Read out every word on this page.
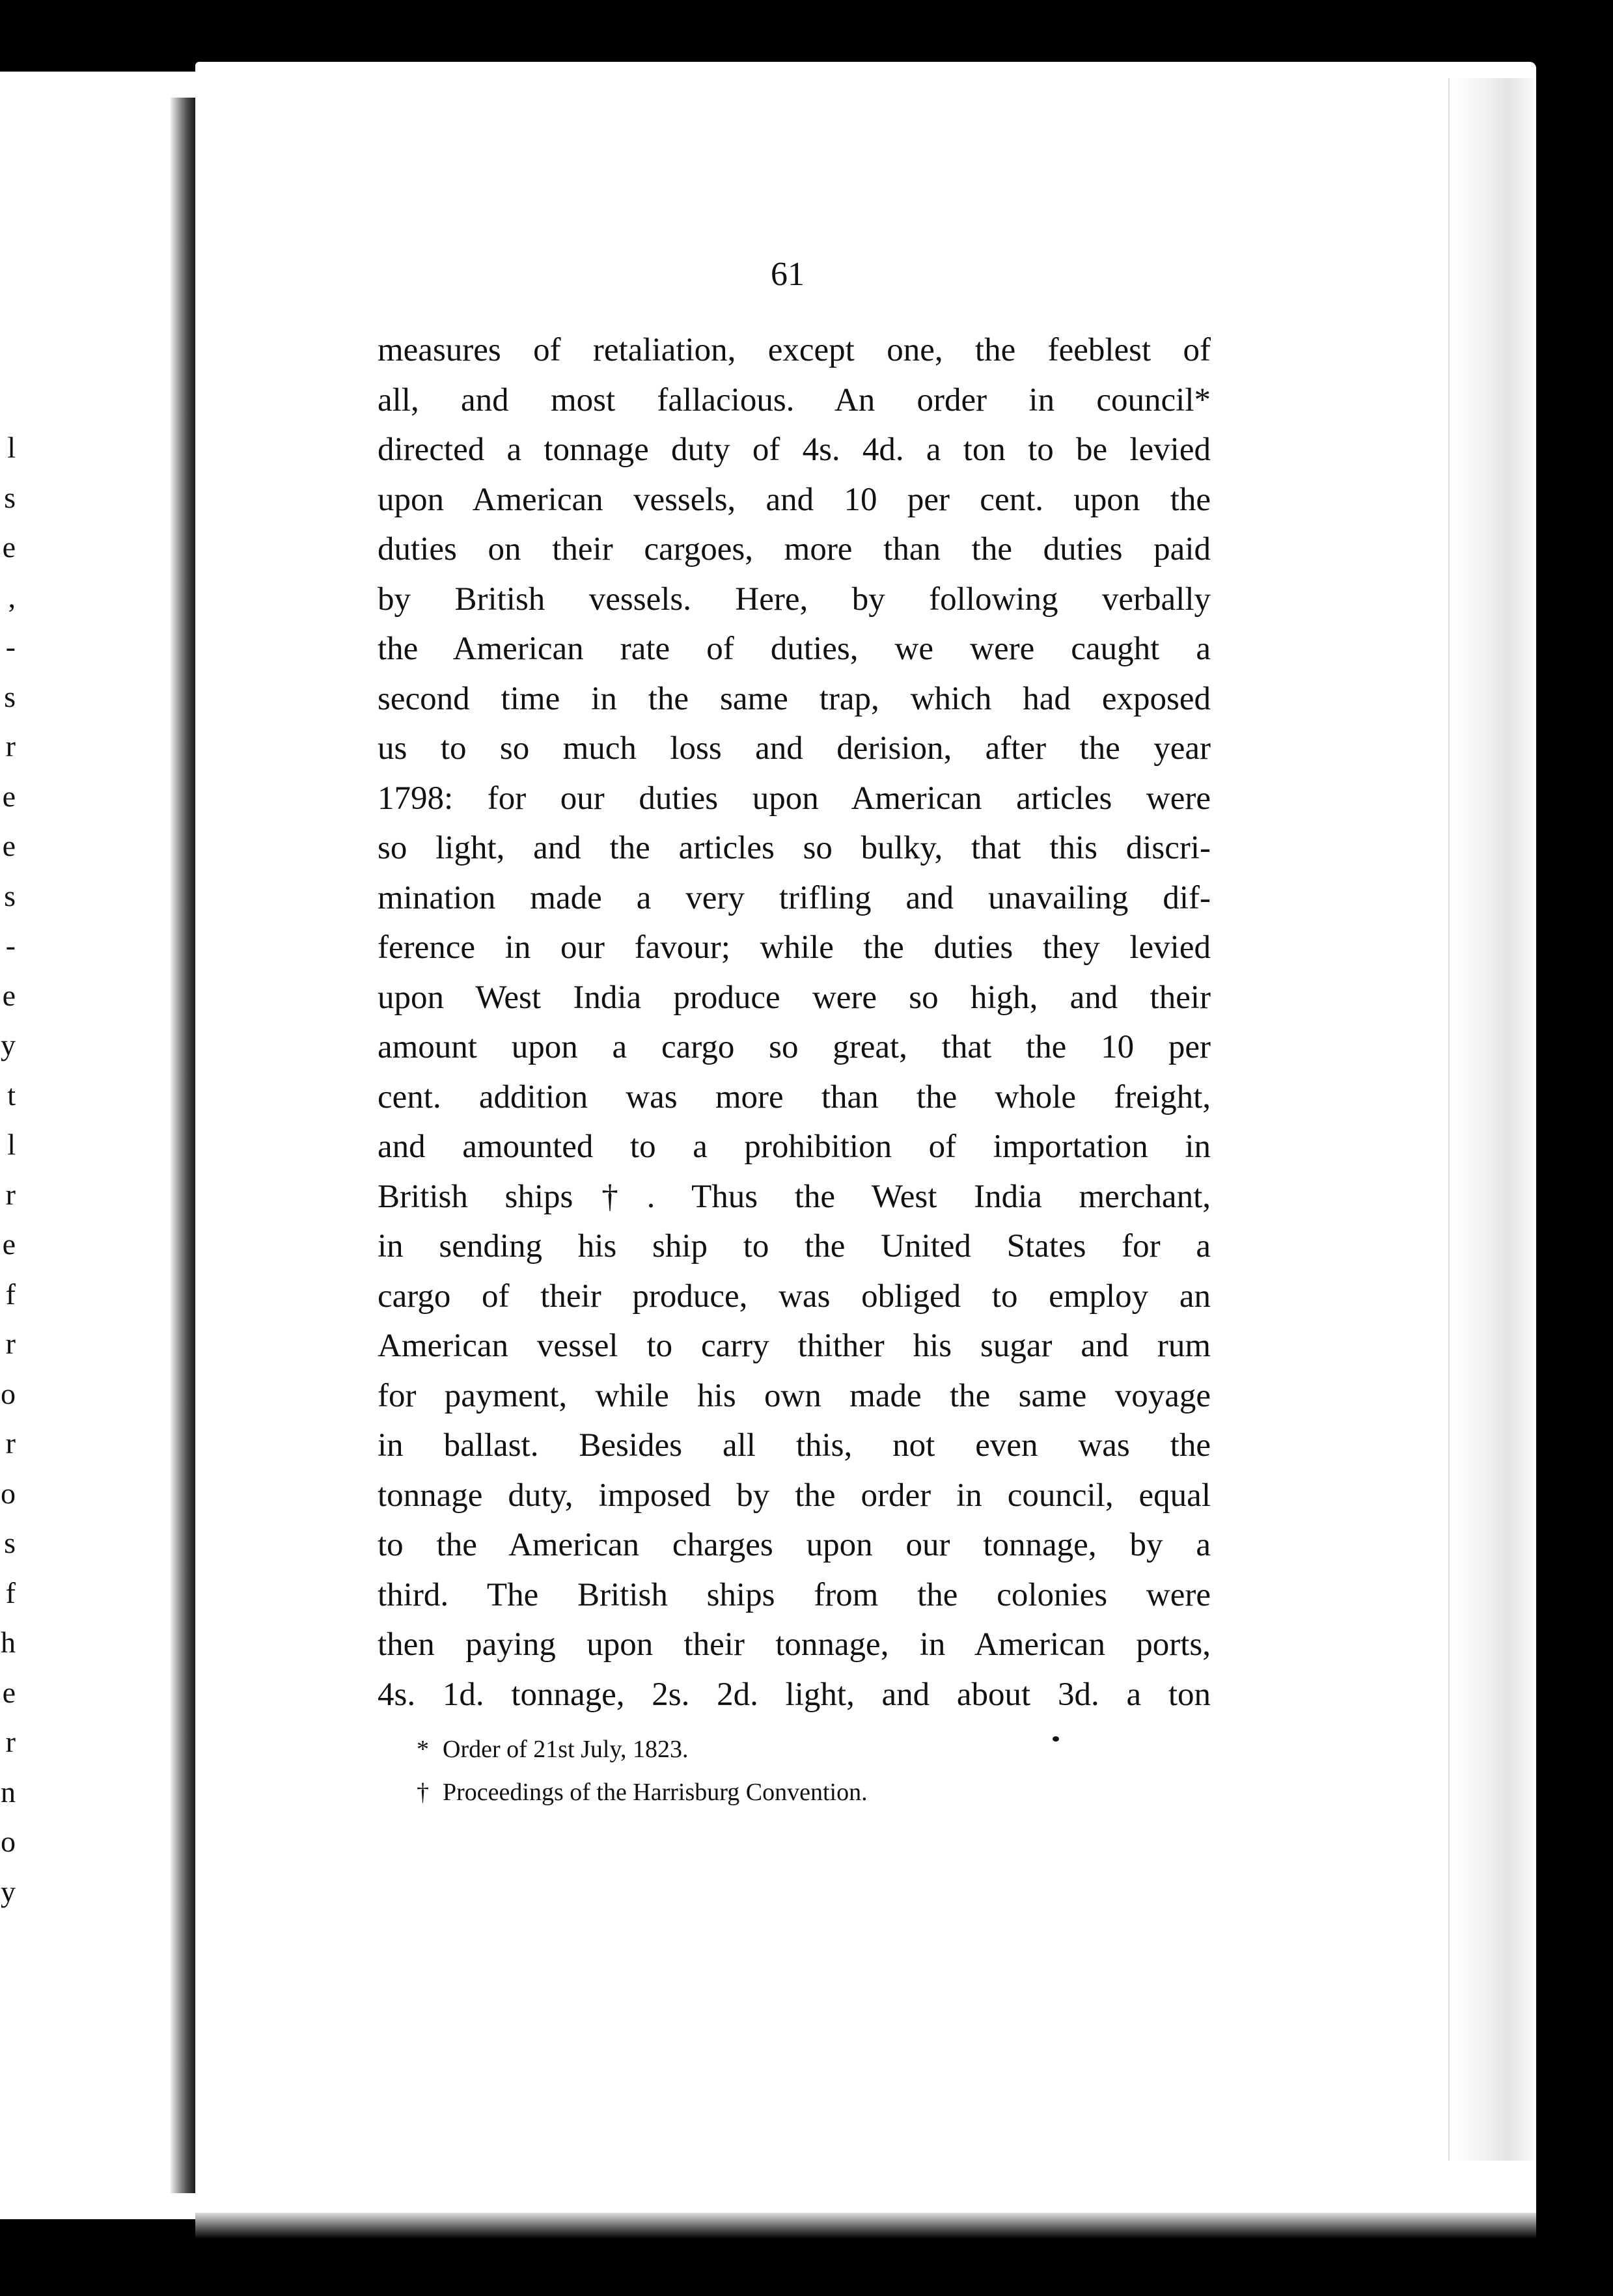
l
s
e
,
-
s
r
e
e
s
-
e
y
t
l
r
e
f
r
o
r
o
s
f
h
e
r
n
o
y
61
measures of retaliation, except one, the feeblest of
all, and most fallacious. An order in council*
directed a tonnage duty of 4s. 4d. a ton to be levied
upon American vessels, and 10 per cent. upon the
duties on their cargoes, more than the duties paid
by British vessels. Here, by following verbally
the American rate of duties, we were caught a
second time in the same trap, which had exposed
us to so much loss and derision, after the year
1798: for our duties upon American articles were
so light, and the articles so bulky, that this discri-
mination made a very trifling and unavailing dif-
ference in our favour; while the duties they levied
upon West India produce were so high, and their
amount upon a cargo so great, that the 10 per
cent. addition was more than the whole freight,
and amounted to a prohibition of importation in
British ships†. Thus the West India merchant,
in sending his ship to the United States for a
cargo of their produce, was obliged to employ an
American vessel to carry thither his sugar and rum
for payment, while his own made the same voyage
in ballast. Besides all this, not even was the
tonnage duty, imposed by the order in council, equal
to the American charges upon our tonnage, by a
third. The British ships from the colonies were
then paying upon their tonnage, in American ports,
4s. 1d. tonnage, 2s. 2d. light, and about 3d. a ton
* Order of 21st July, 1823.
† Proceedings of the Harrisburg Convention.
